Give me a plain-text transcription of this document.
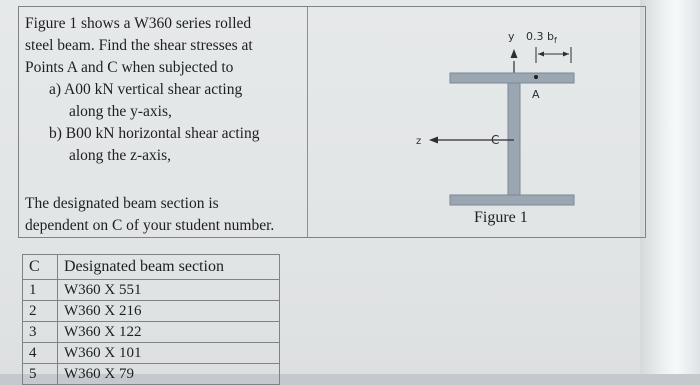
Figure 1 shows a W360 series rolled
steel beam. Find the shear stresses at
Points A and C when subjected to
a) A00 kN vertical shear acting
along the y-axis,
b) B00 kN horizontal shear acting
along the z-axis,
The designated beam section is
dependent on C of your student number.
y 0.3 $b_f$
A
z	C
Figure 1
C	Designated beam section
1	W360 X 551
2	W360 X 216
3	W360 X 122
4	W360 X 101
5	W360 X 79
